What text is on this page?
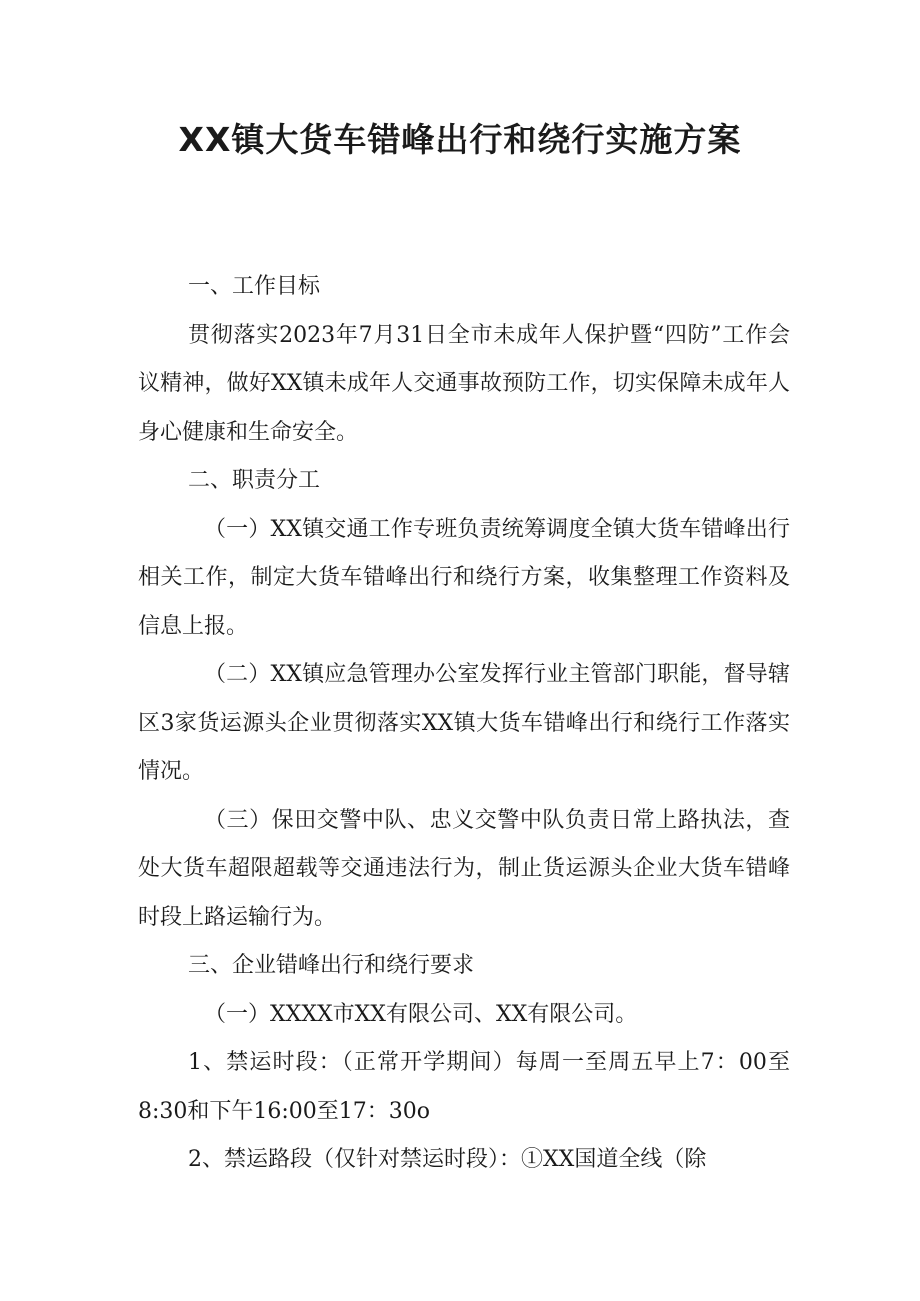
XX镇大货车错峰出行和绕行实施方案

一、工作目标

贯彻落实2023年7月31日全市未成年人保护暨“四防”工作会议精神，做好XX镇未成年人交通事故预防工作，切实保障未成年人身心健康和生命安全。

二、职责分工

（一）XX镇交通工作专班负责统筹调度全镇大货车错峰出行相关工作，制定大货车错峰出行和绕行方案，收集整理工作资料及信息上报。

（二）XX镇应急管理办公室发挥行业主管部门职能，督导辖区3家货运源头企业贯彻落实XX镇大货车错峰出行和绕行工作落实情况。

（三）保田交警中队、忠义交警中队负责日常上路执法，查处大货车超限超载等交通违法行为，制止货运源头企业大货车错峰时段上路运输行为。

三、企业错峰出行和绕行要求

（一）XXXX市XX有限公司、XX有限公司。

1、禁运时段：（正常开学期间）每周一至周五早上7：00至8:30和下午16:00至17：30o

2、禁运路段（仅针对禁运时段）：①XX国道全线（除
